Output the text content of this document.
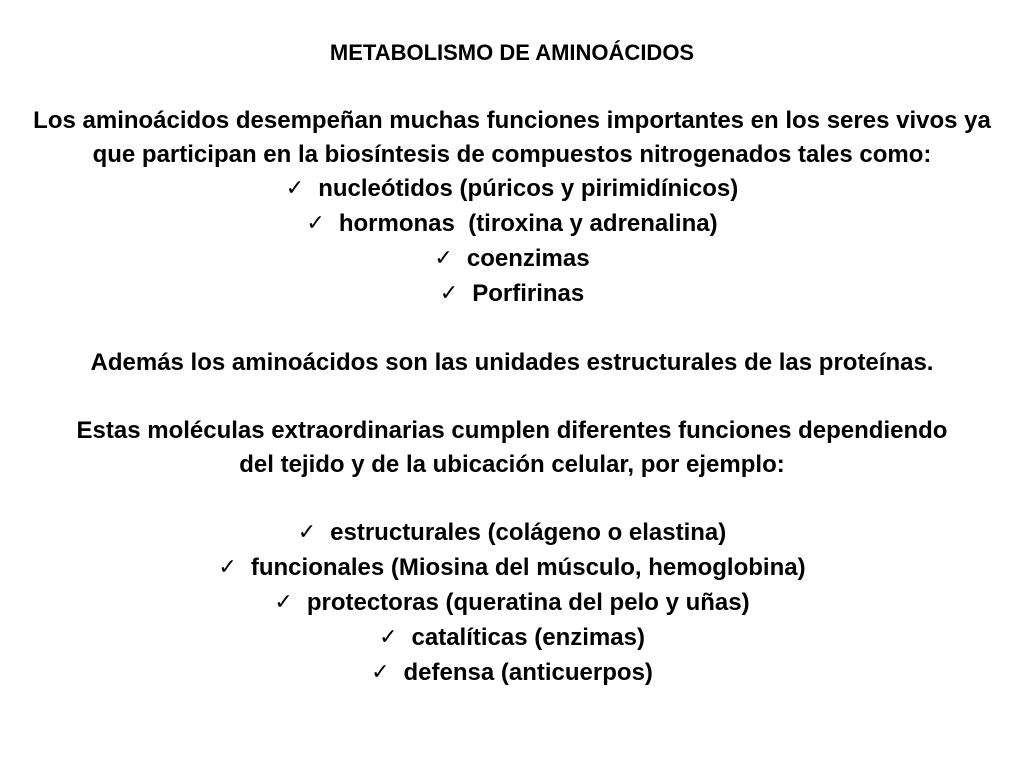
METABOLISMO DE AMINOÁCIDOS

Los aminoácidos desempeñan muchas funciones importantes en los seres vivos ya que participan en la biosíntesis de compuestos nitrogenados tales como:

✓ nucleótidos (púricos y pirimidínicos)
✓ hormonas  (tiroxina y adrenalina)
✓ coenzimas
✓ Porfirinas

Además los aminoácidos son las unidades estructurales de las proteínas.

Estas moléculas extraordinarias cumplen diferentes funciones dependiendo del tejido y de la ubicación celular, por ejemplo:

✓ estructurales (colágeno o elastina)
✓ funcionales (Miosina del músculo, hemoglobina)
✓ protectoras (queratina del pelo y uñas)
✓ catalíticas (enzimas)
✓ defensa (anticuerpos)
